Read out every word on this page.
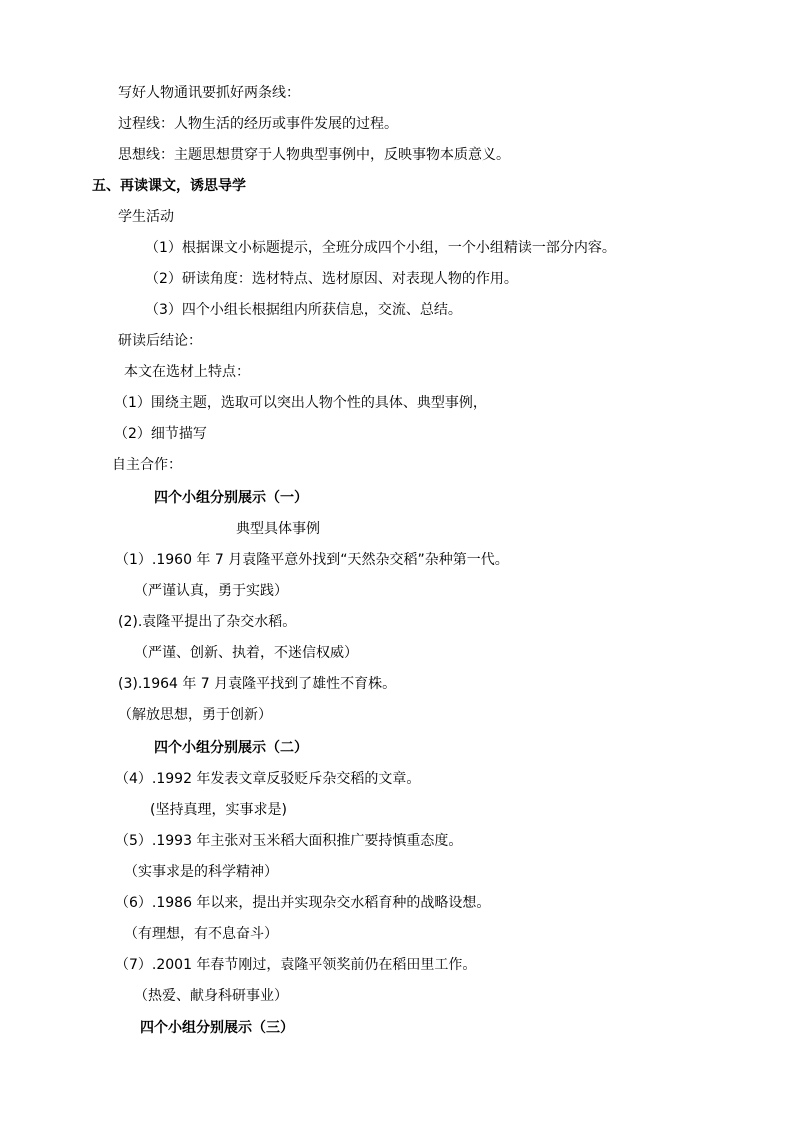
写好人物通讯要抓好两条线：
过程线：人物生活的经历或事件发展的过程。
思想线：主题思想贯穿于人物典型事例中，反映事物本质意义。
五、再读课文，诱思导学
学生活动
（1）根据课文小标题提示，全班分成四个小组，一个小组精读一部分内容。
（2）研读角度：选材特点、选材原因、对表现人物的作用。
（3）四个小组长根据组内所获信息，交流、总结。
研读后结论：
本文在选材上特点：
（1）围绕主题，选取可以突出人物个性的具体、典型事例，
（2）细节描写
自主合作：
四个小组分别展示（一）
典型具体事例
（1）.1960 年 7 月袁隆平意外找到“天然杂交稻”杂种第一代。
（严谨认真，勇于实践）
(2).袁隆平提出了杂交水稻。
（严谨、创新、执着，不迷信权威）
(3).1964 年 7 月袁隆平找到了雄性不育株。
（解放思想，勇于创新）
四个小组分别展示（二）
（4）.1992 年发表文章反驳贬斥杂交稻的文章。
(坚持真理，实事求是)
（5）.1993 年主张对玉米稻大面积推广要持慎重态度。
（实事求是的科学精神）
（6）.1986 年以来，提出并实现杂交水稻育种的战略设想。
（有理想，有不息奋斗）
（7）.2001 年春节刚过，袁隆平领奖前仍在稻田里工作。
（热爱、献身科研事业）
四个小组分别展示（三）
